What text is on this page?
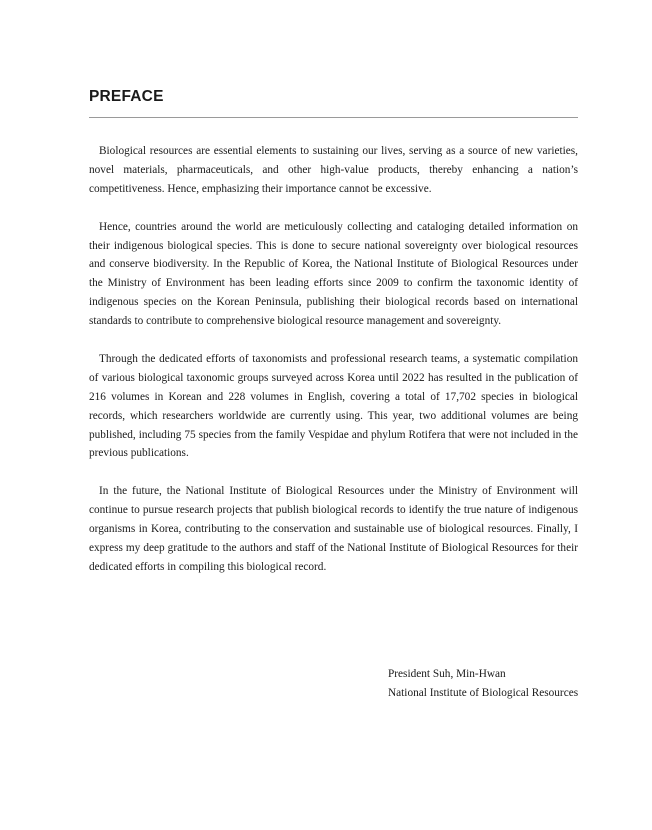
PREFACE

Biological resources are essential elements to sustaining our lives, serving as a source of new varieties, novel materials, pharmaceuticals, and other high-value products, thereby enhancing a nation’s competitiveness. Hence, emphasizing their importance cannot be excessive.

Hence, countries around the world are meticulously collecting and cataloging detailed information on their indigenous biological species. This is done to secure national sovereignty over biological resources and conserve biodiversity. In the Republic of Korea, the National Institute of Biological Resources under the Ministry of Environment has been leading efforts since 2009 to confirm the taxonomic identity of indigenous species on the Korean Peninsula, publishing their biological records based on international standards to contribute to comprehensive biological resource management and sovereignty.

Through the dedicated efforts of taxonomists and professional research teams, a systematic compilation of various biological taxonomic groups surveyed across Korea until 2022 has resulted in the publication of 216 volumes in Korean and 228 volumes in English, covering a total of 17,702 species in biological records, which researchers worldwide are currently using. This year, two additional volumes are being published, including 75 species from the family Vespidae and phylum Rotifera that were not included in the previous publications.

In the future, the National Institute of Biological Resources under the Ministry of Environment will continue to pursue research projects that publish biological records to identify the true nature of indigenous organisms in Korea, contributing to the conservation and sustainable use of biological resources. Finally, I express my deep gratitude to the authors and staff of the National Institute of Biological Resources for their dedicated efforts in compiling this biological record.

President Suh, Min-Hwan
National Institute of Biological Resources
